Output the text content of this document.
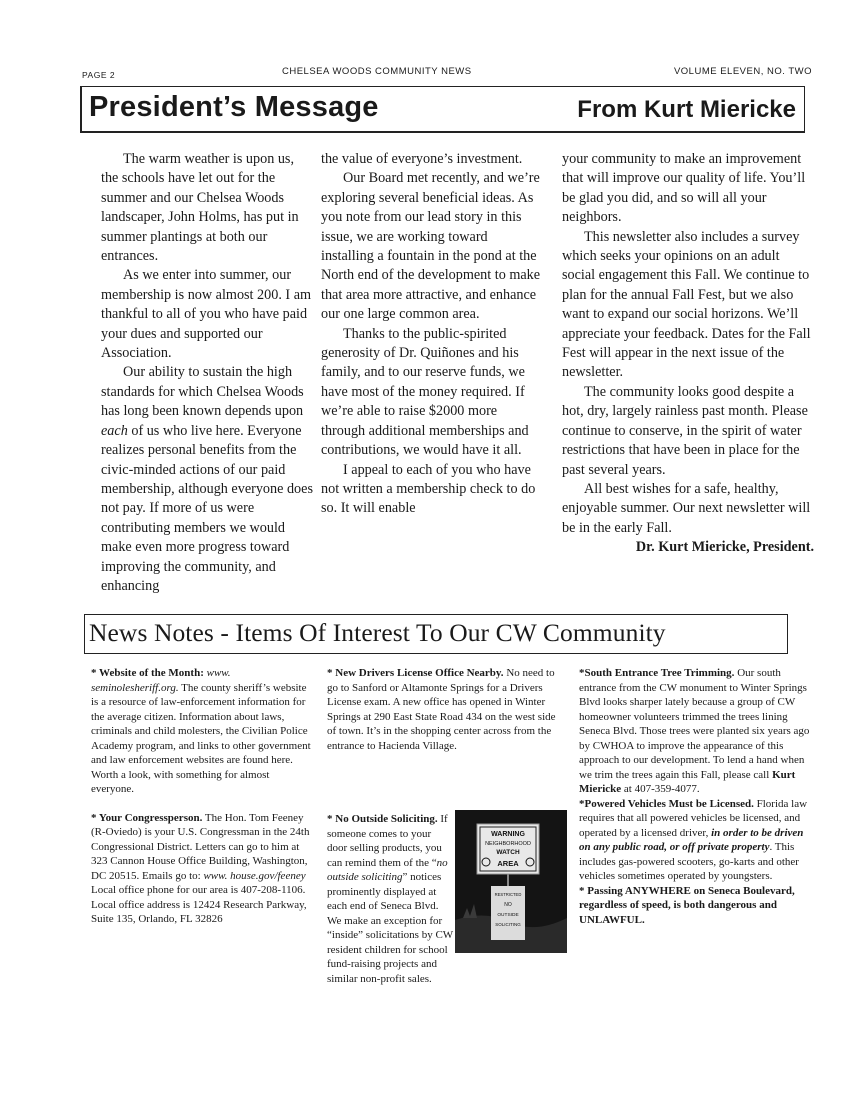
PAGE 2	CHELSEA WOODS COMMUNITY NEWS	VOLUME ELEVEN, NO. TWO
President’s Message	From Kurt Miericke

The warm weather is upon us, the schools have let out for the summer and our Chelsea Woods landscaper, John Holms, has put in summer plantings at both our entrances.

As we enter into summer, our membership is now almost 200. I am thankful to all of you who have paid your dues and supported our Association.

Our ability to sustain the high standards for which Chelsea Woods has long been known depends upon each of us who live here. Everyone realizes personal benefits from the civic-minded actions of our paid membership, although everyone does not pay. If more of us were contributing members we would make even more progress toward improving the community, and enhancing

the value of everyone’s investment.

Our Board met recently, and we’re exploring several beneficial ideas. As you note from our lead story in this issue, we are working toward installing a fountain in the pond at the North end of the development to make that area more attractive, and enhance our one large common area.

Thanks to the public-spirited generosity of Dr. Quiñones and his family, and to our reserve funds, we have most of the money required. If we’re able to raise $2000 more through additional memberships and contributions, we would have it all.

I appeal to each of you who have not written a membership check to do so. It will enable

your community to make an improvement that will improve our quality of life. You’ll be glad you did, and so will all your neighbors.

This newsletter also includes a survey which seeks your opinions on an adult social engagement this Fall. We continue to plan for the annual Fall Fest, but we also want to expand our social horizons. We’ll appreciate your feedback. Dates for the Fall Fest will appear in the next issue of the newsletter.

The community looks good despite a hot, dry, largely rainless past month. Please continue to conserve, in the spirit of water restrictions that have been in place for the past several years.

All best wishes for a safe, healthy, enjoyable summer. Our next newsletter will be in the early Fall.

Dr. Kurt Miericke, President.

News Notes - Items Of Interest To Our CW Community

* Website of the Month: www. seminolesheriff.org. The county sheriff’s website is a resource of law-enforcement information for the average citizen. Information about laws, criminals and child molesters, the Civilian Police Academy program, and links to other government and law enforcement websites are found here. Worth a look, with something for almost everyone.

* Your Congressperson. The Hon. Tom Feeney (R-Oviedo) is your U.S. Congressman in the 24th Congressional District. Letters can go to him at 323 Cannon House Office Building, Washington, DC 20515. Emails go to: www. house.gov/feeney Local office phone for our area is 407-208-1106. Local office address is 12424 Research Parkway, Suite 135, Orlando, FL 32826

* New Drivers License Office Nearby. No need to go to Sanford or Altamonte Springs for a Drivers License exam. A new office has opened in Winter Springs at 290 East State Road 434 on the west side of town. It’s in the shopping center across from the entrance to Hacienda Village.

* No Outside Soliciting. If someone comes to your door selling products, you can remind them of the “no outside soliciting” notices prominently displayed at each end of Seneca Blvd. We make an exception for “inside” solicitations by CW resident children for school fund-raising projects and similar non-profit sales.

WARNING
NEIGHBORHOOD
WATCH
AREA
RESTRICTED
NO
OUTSIDE
SOLICITING

*South Entrance Tree Trimming. Our south entrance from the CW monument to Winter Springs Blvd looks sharper lately because a group of CW homeowner volunteers trimmed the trees lining Seneca Blvd. Those trees were planted six years ago by CWHOA to improve the appearance of this approach to our development. To lend a hand when we trim the trees again this Fall, please call Kurt Miericke at 407-359-4077.

*Powered Vehicles Must be Licensed. Florida law requires that all powered vehicles be licensed, and operated by a licensed driver, in order to be driven on any public road, or off private property. This includes gas-powered scooters, go-karts and other vehicles sometimes operated by youngsters.

* Passing ANYWHERE on Seneca Boulevard, regardless of speed, is both dangerous and UNLAWFUL.
